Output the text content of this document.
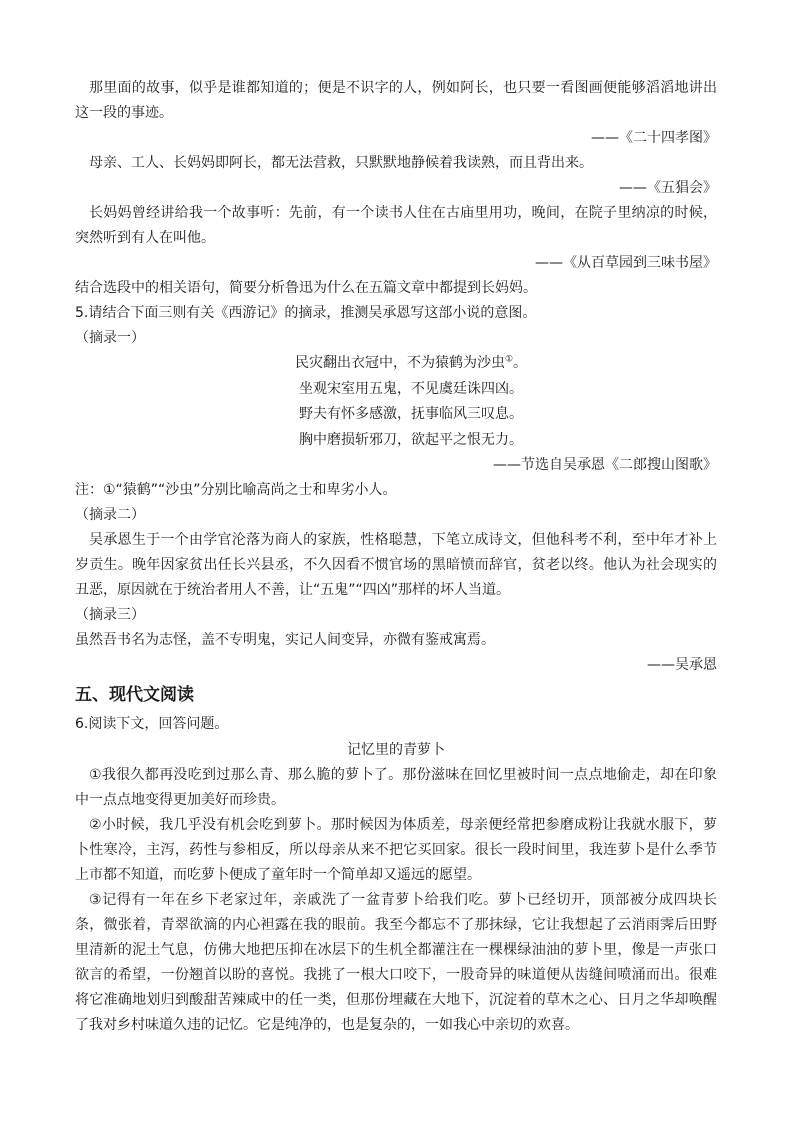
那里面的故事，似乎是谁都知道的；便是不识字的人，例如阿长，也只要一看图画便能够滔滔地讲出这一段的事迹。

——《二十四孝图》

母亲、工人、长妈妈即阿长，都无法营救，只默默地静候着我读熟，而且背出来。

——《五猖会》

长妈妈曾经讲给我一个故事听：先前，有一个读书人住在古庙里用功，晚间，在院子里纳凉的时候，突然听到有人在叫他。

——《从百草园到三味书屋》

结合选段中的相关语句，简要分析鲁迅为什么在五篇文章中都提到长妈妈。

5.请结合下面三则有关《西游记》的摘录，推测吴承恩写这部小说的意图。

（摘录一）

民灾翻出衣冠中，不为猿鹤为沙虫①。

坐观宋室用五鬼，不见虞廷诛四凶。

野夫有怀多感激，抚事临风三叹息。

胸中磨损斩邪刀，欲起平之恨无力。

——节选自吴承恩《二郎搜山图歌》

注：①“猿鹤”“沙虫”分别比喻高尚之士和卑劣小人。

（摘录二）

吴承恩生于一个由学官沦落为商人的家族，性格聪慧，下笔立成诗文，但他科考不利，至中年才补上岁贡生。晚年因家贫出任长兴县丞，不久因看不惯官场的黑暗愤而辞官，贫老以终。他认为社会现实的丑恶，原因就在于统治者用人不善，让“五鬼”“四凶”那样的坏人当道。

（摘录三）

虽然吾书名为志怪，盖不专明鬼，实记人间变异，亦微有鉴戒寓焉。

——吴承恩

五、现代文阅读

6.阅读下文，回答问题。

记忆里的青萝卜

①我很久都再没吃到过那么青、那么脆的萝卜了。那份滋味在回忆里被时间一点点地偷走，却在印象中一点点地变得更加美好而珍贵。

②小时候，我几乎没有机会吃到萝卜。那时候因为体质差，母亲便经常把参磨成粉让我就水服下，萝卜性寒冷，主泻，药性与参相反，所以母亲从来不把它买回家。很长一段时间里，我连萝卜是什么季节上市都不知道，而吃萝卜便成了童年时一个简单却又遥远的愿望。

③记得有一年在乡下老家过年，亲戚洗了一盆青萝卜给我们吃。萝卜已经切开，顶部被分成四块长条，微张着，青翠欲滴的内心袒露在我的眼前。我至今都忘不了那抹绿，它让我想起了云消雨霁后田野里清新的泥土气息，仿佛大地把压抑在冰层下的生机全都灌注在一棵棵绿油油的萝卜里，像是一声张口欲言的希望，一份翘首以盼的喜悦。我挑了一根大口咬下，一股奇异的味道便从齿缝间喷涌而出。很难将它准确地划归到酸甜苦辣咸中的任一类，但那份埋藏在大地下，沉淀着的草木之心、日月之华却唤醒了我对乡村味道久违的记忆。它是纯净的，也是复杂的，一如我心中亲切的欢喜。
